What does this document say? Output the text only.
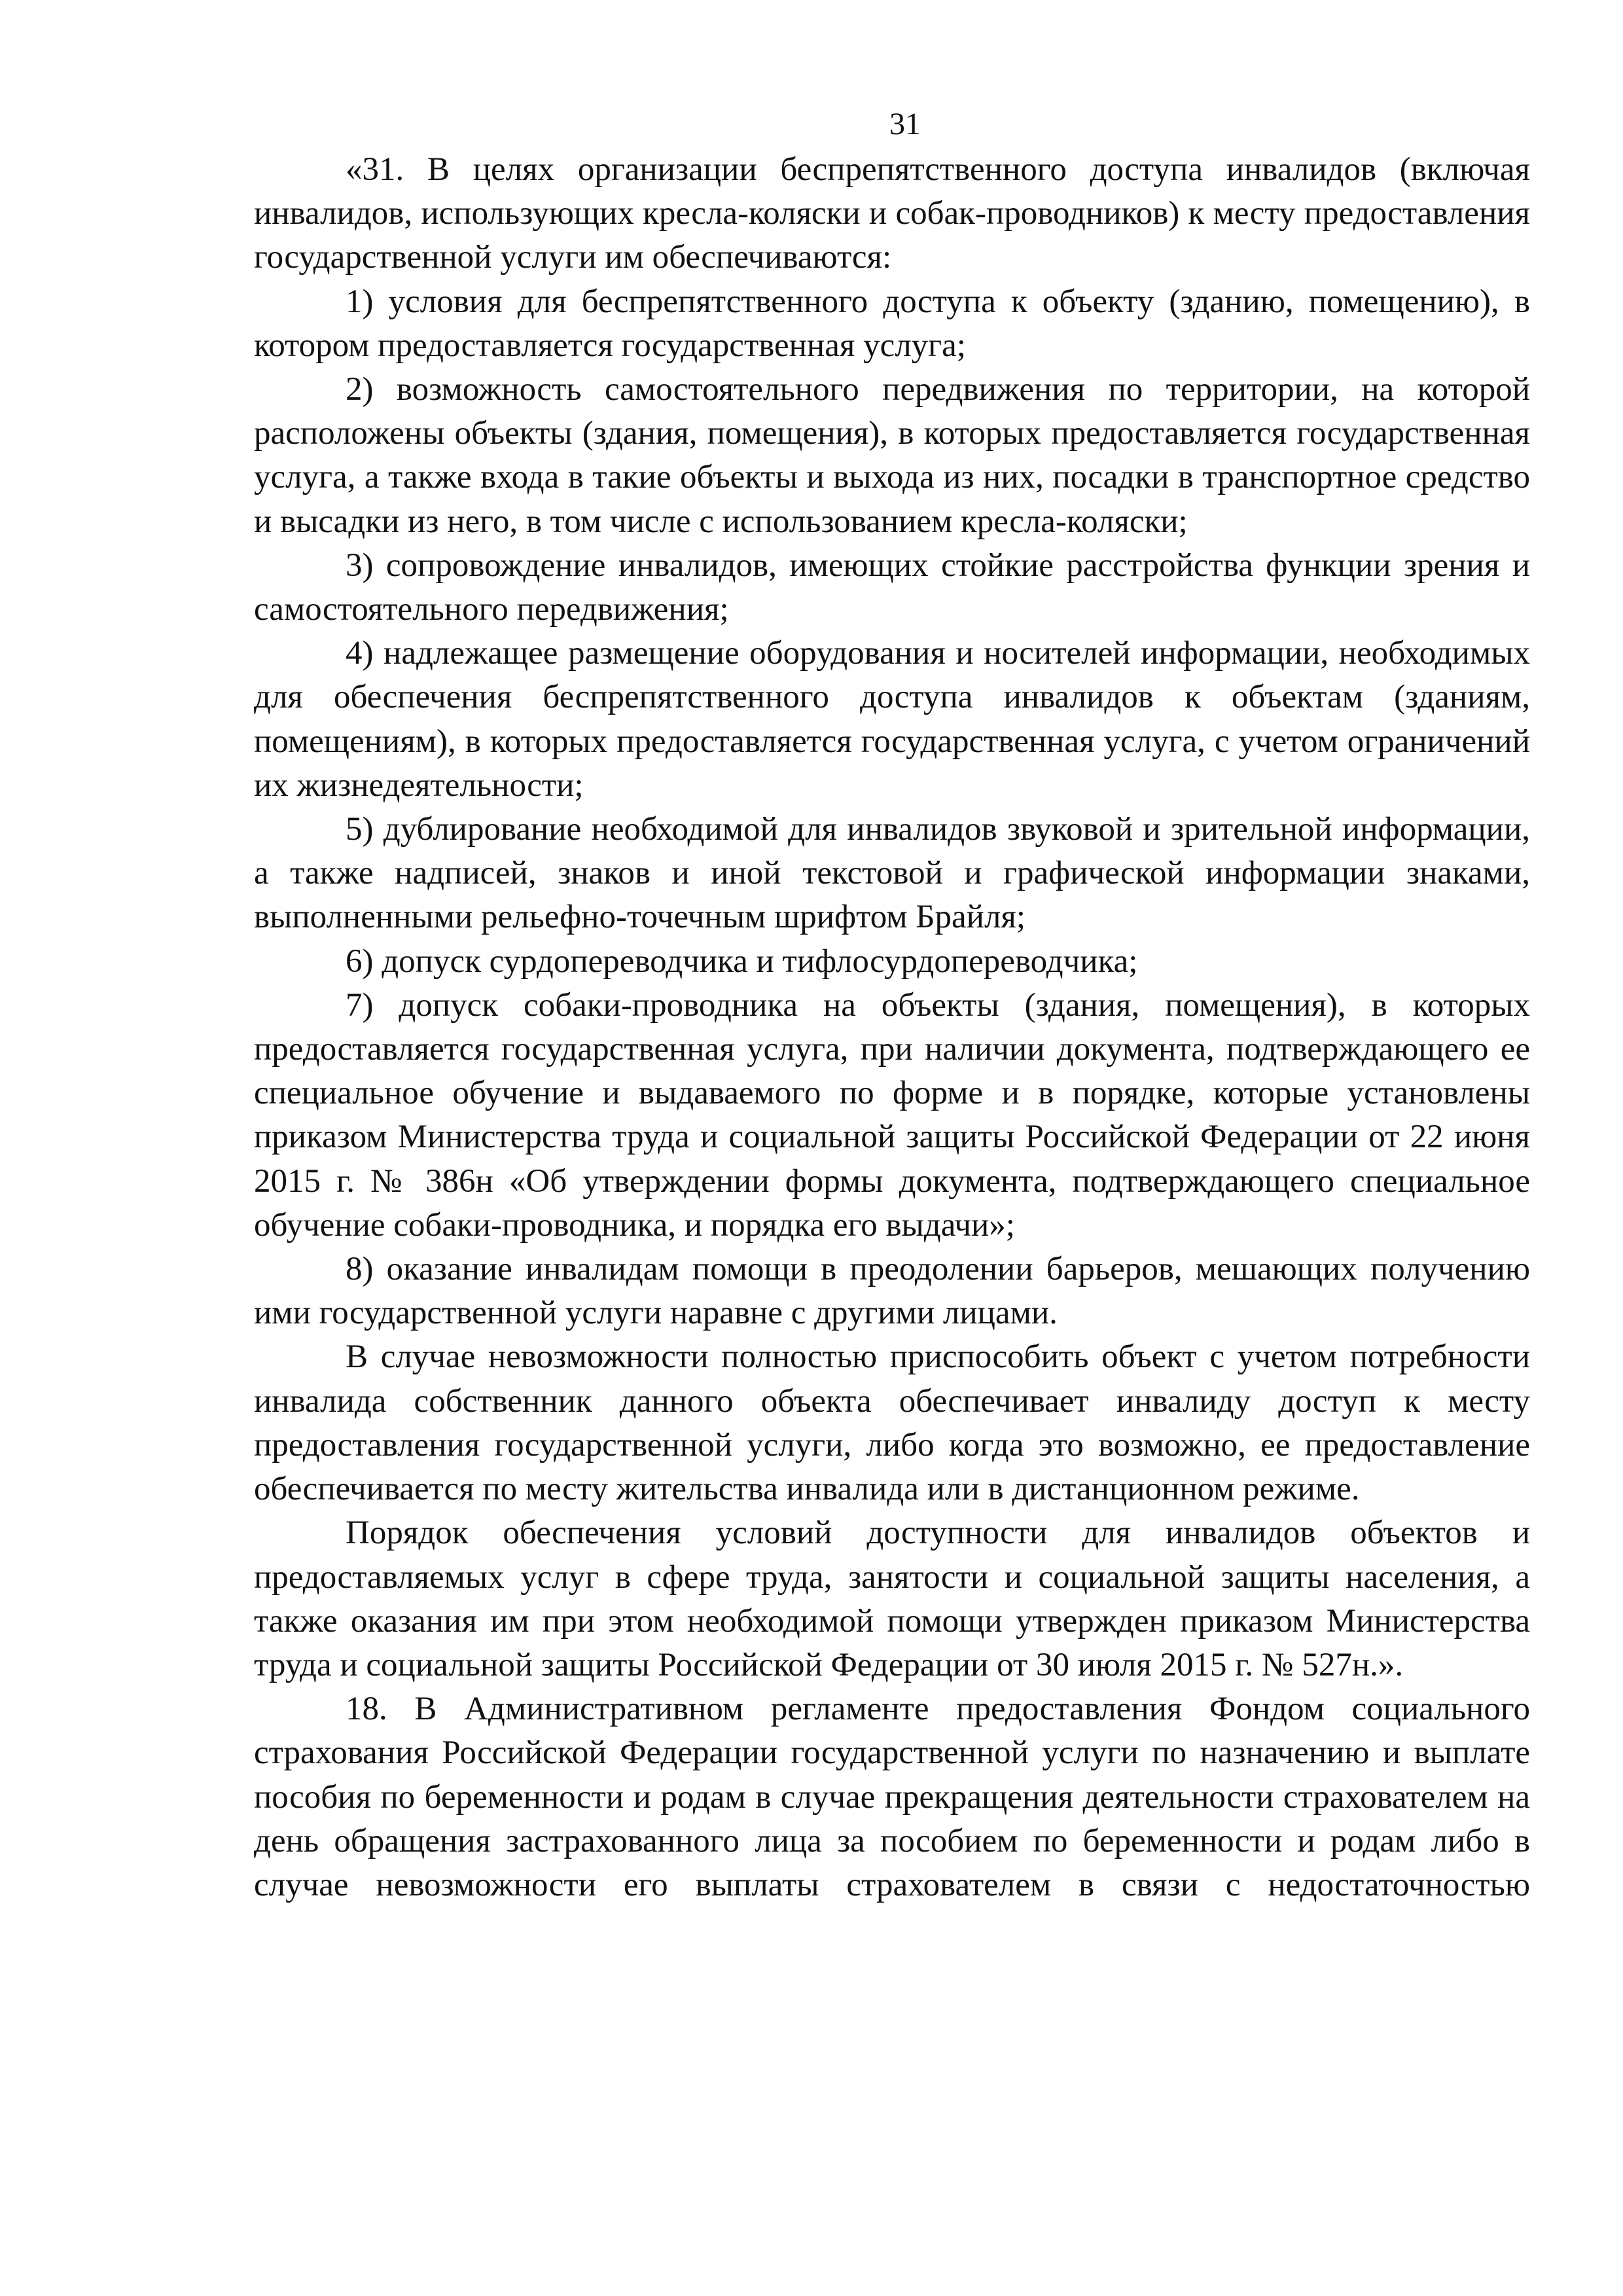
31

«31. В целях организации беспрепятственного доступа инвалидов (включая инвалидов, использующих кресла-коляски и собак-проводников) к месту предоставления государственной услуги им обеспечиваются:

1) условия для беспрепятственного доступа к объекту (зданию, помещению), в котором предоставляется государственная услуга;

2) возможность самостоятельного передвижения по территории, на которой расположены объекты (здания, помещения), в которых предоставляется государственная услуга, а также входа в такие объекты и выхода из них, посадки в транспортное средство и высадки из него, в том числе с использованием кресла-коляски;

3) сопровождение инвалидов, имеющих стойкие расстройства функции зрения и самостоятельного передвижения;

4) надлежащее размещение оборудования и носителей информации, необходимых для обеспечения беспрепятственного доступа инвалидов к объектам (зданиям, помещениям), в которых предоставляется государственная услуга, с учетом ограничений их жизнедеятельности;

5) дублирование необходимой для инвалидов звуковой и зрительной информации, а также надписей, знаков и иной текстовой и графической информации знаками, выполненными рельефно-точечным шрифтом Брайля;

6) допуск сурдопереводчика и тифлосурдопереводчика;

7) допуск собаки-проводника на объекты (здания, помещения), в которых предоставляется государственная услуга, при наличии документа, подтверждающего ее специальное обучение и выдаваемого по форме и в порядке, которые установлены приказом Министерства труда и социальной защиты Российской Федерации от 22 июня 2015 г. № 386н «Об утверждении формы документа, подтверждающего специальное обучение собаки-проводника, и порядка его выдачи»;

8) оказание инвалидам помощи в преодолении барьеров, мешающих получению ими государственной услуги наравне с другими лицами.

В случае невозможности полностью приспособить объект с учетом потребности инвалида собственник данного объекта обеспечивает инвалиду доступ к месту предоставления государственной услуги, либо когда это возможно, ее предоставление обеспечивается по месту жительства инвалида или в дистанционном режиме.

Порядок обеспечения условий доступности для инвалидов объектов и предоставляемых услуг в сфере труда, занятости и социальной защиты населения, а также оказания им при этом необходимой помощи утвержден приказом Министерства труда и социальной защиты Российской Федерации от 30 июля 2015 г. № 527н.».

18. В Административном регламенте предоставления Фондом социального страхования Российской Федерации государственной услуги по назначению и выплате пособия по беременности и родам в случае прекращения деятельности страхователем на день обращения застрахованного лица за пособием по беременности и родам либо в случае невозможности его выплаты страхователем в связи с недостаточностью
